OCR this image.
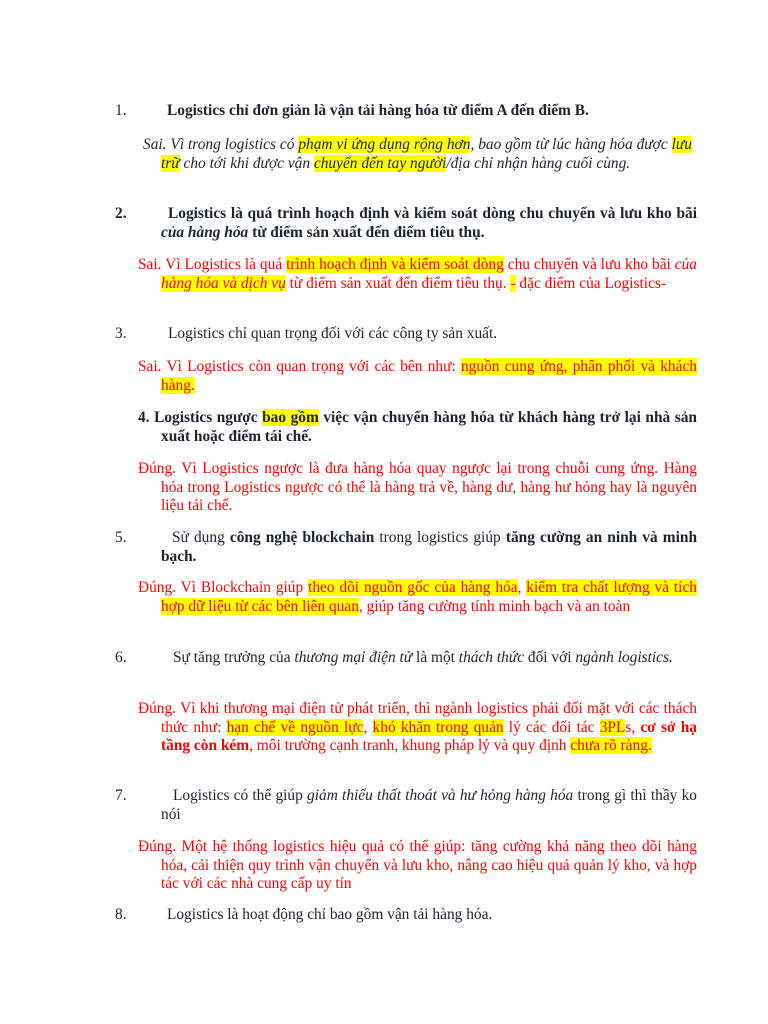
1.	Logistics chỉ đơn giản là vận tải hàng hóa từ điểm A đến điểm B.
Sai. Vì trong logistics có phạm vi ứng dụng rộng hơn, bao gồm từ lúc hàng hóa được lưu trữ cho tới khi được vận chuyển đến tay người/địa chỉ nhận hàng cuối cùng.
2.	Logistics là quá trình hoạch định và kiểm soát dòng chu chuyển và lưu kho bãi của hàng hóa từ điểm sản xuất đến điểm tiêu thụ.
Sai. Vì Logistics là quá trình hoạch định và kiểm soát dòng chu chuyển và lưu kho bãi của hàng hóa và dịch vụ từ điểm sản xuất đến điểm tiêu thụ. - đặc điểm của Logistics-
3.	Logistics chỉ quan trọng đối với các công ty sản xuất.
Sai. Vì Logistics còn quan trọng với các bên như: nguồn cung ứng, phân phối và khách hàng.
4. Logistics ngược bao gồm việc vận chuyển hàng hóa từ khách hàng trở lại nhà sản xuất hoặc điểm tái chế.
Đúng. Vì Logistics ngược là đưa hàng hóa quay ngược lại trong chuỗi cung ứng. Hàng hóa trong Logistics ngược có thể là hàng trả về, hàng dư, hàng hư hỏng hay là nguyên liệu tái chế.
5.	Sử dụng công nghệ blockchain trong logistics giúp tăng cường an ninh và minh bạch.
Đúng. Vì Blockchain giúp theo dõi nguồn gốc của hàng hóa, kiểm tra chất lượng và tích hợp dữ liệu từ các bên liên quan, giúp tăng cường tính minh bạch và an toàn
6.	Sự tăng trưởng của thương mại điện tử là một thách thức đối với ngành logistics.
Đúng. Vì khi thương mại điện tử phát triển, thì ngành logistics phải đối mặt với các thách thức như: hạn chế về nguồn lực, khó khăn trong quản lý các đối tác 3PLs, cơ sở hạ tầng còn kém, môi trường cạnh tranh, khung pháp lý và quy định chưa rõ ràng.
7.	Logistics có thể giúp giảm thiểu thất thoát và hư hỏng hàng hóa trong gì thì thầy ko nói
Đúng. Một hệ thống logistics hiệu quả có thể giúp: tăng cường khả năng theo dõi hàng hóa, cải thiện quy trình vận chuyển và lưu kho, nâng cao hiệu quả quản lý kho, và hợp tác với các nhà cung cấp uy tín
8.	Logistics là hoạt động chỉ bao gồm vận tải hàng hóa.
